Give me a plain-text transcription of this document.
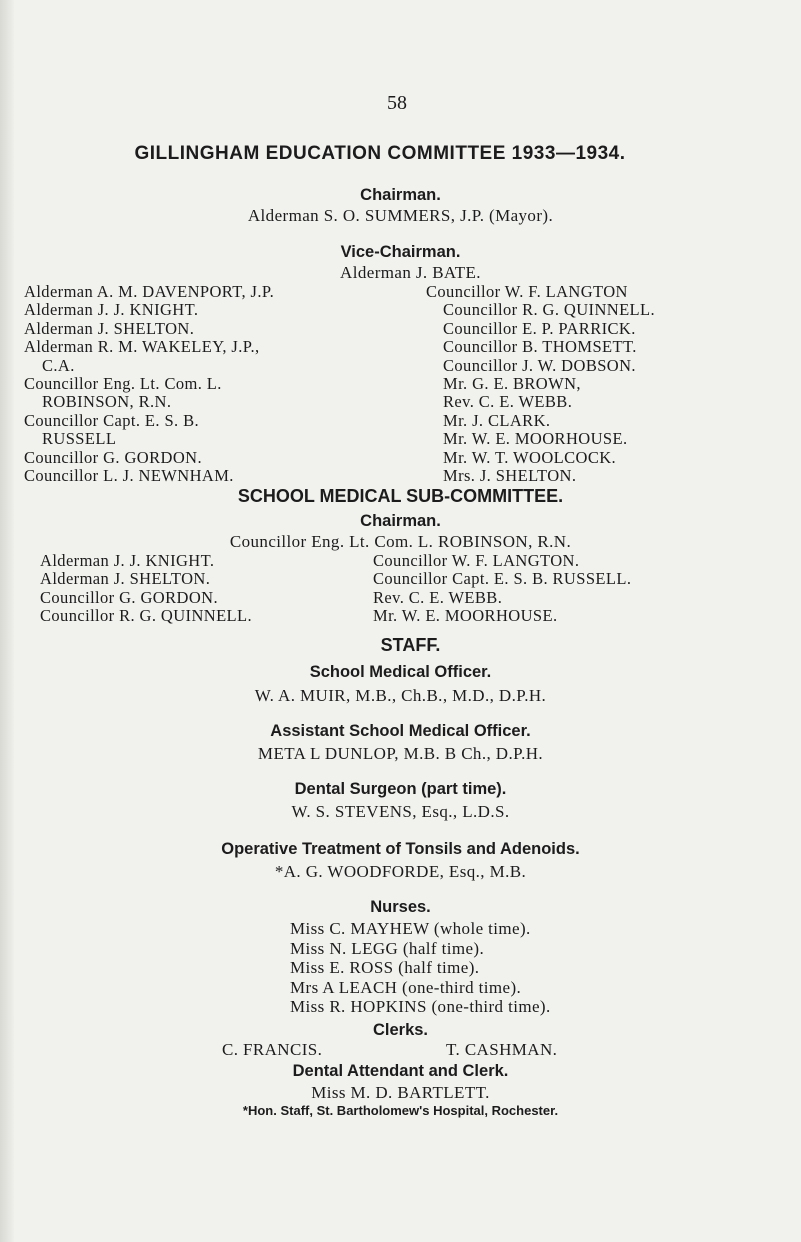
58
GILLINGHAM EDUCATION COMMITTEE 1933—1934.
Chairman.
Alderman S. O. SUMMERS, J.P. (Mayor).
Vice-Chairman.
Alderman J. BATE.
Alderman A. M. DAVENPORT, J.P.
Alderman J. J. KNIGHT.
Alderman J. SHELTON.
Alderman R. M. WAKELEY, J.P.,
C.A.
Councillor Eng. Lt. Com. L.
ROBINSON, R.N.
Councillor Capt. E. S. B.
RUSSELL
Councillor G. GORDON.
Councillor L. J. NEWNHAM.
Councillor W. F. LANGTON
Councillor R. G. QUINNELL.
Councillor E. P. PARRICK.
Councillor B. THOMSETT.
Councillor J. W. DOBSON.
Mr. G. E. BROWN,
Rev. C. E. WEBB.
Mr. J. CLARK.
Mr. W. E. MOORHOUSE.
Mr. W. T. WOOLCOCK.
Mrs. J. SHELTON.
SCHOOL MEDICAL SUB-COMMITTEE.
Chairman.
Councillor Eng. Lt. Com. L. ROBINSON, R.N.
Alderman J. J. KNIGHT.
Alderman J. SHELTON.
Councillor G. GORDON.
Councillor R. G. QUINNELL.
Councillor W. F. LANGTON.
Councillor Capt. E. S. B. RUSSELL.
Rev. C. E. WEBB.
Mr. W. E. MOORHOUSE.
STAFF.
School Medical Officer.
W. A. MUIR, M.B., Ch.B., M.D., D.P.H.
Assistant School Medical Officer.
META L DUNLOP, M.B. B Ch., D.P.H.
Dental Surgeon (part time).
W. S. STEVENS, Esq., L.D.S.
Operative Treatment of Tonsils and Adenoids.
*A. G. WOODFORDE, Esq., M.B.
Nurses.
Miss C. MAYHEW (whole time).
Miss N. LEGG (half time).
Miss E. ROSS (half time).
Mrs A LEACH (one-third time).
Miss R. HOPKINS (one-third time).
Clerks.
C. FRANCIS.	T. CASHMAN.
Dental Attendant and Clerk.
Miss M. D. BARTLETT.
*Hon. Staff, St. Bartholomew's Hospital, Rochester.
